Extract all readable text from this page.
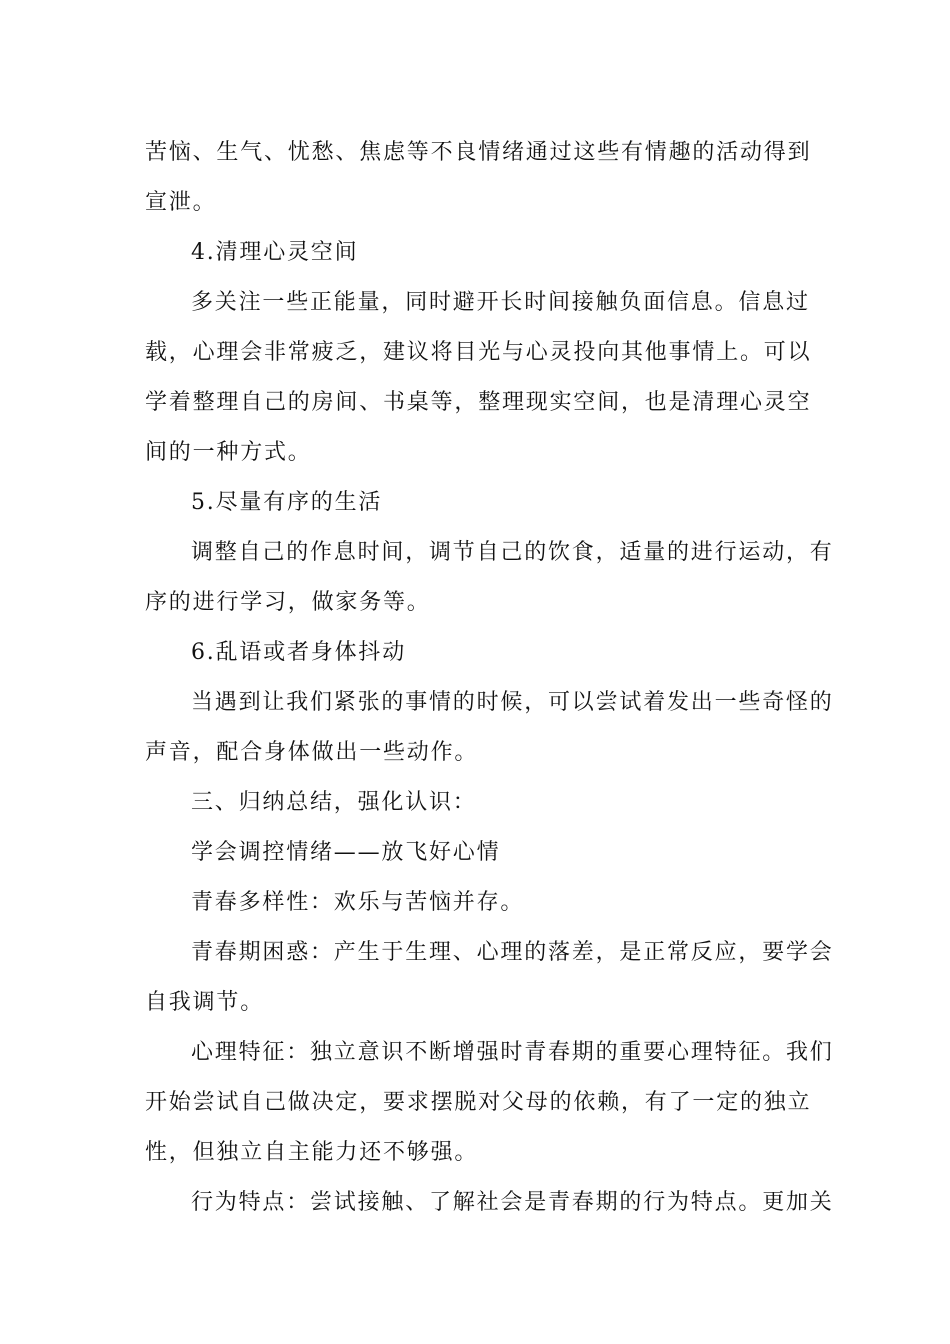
苦恼、生气、忧愁、焦虑等不良情绪通过这些有情趣的活动得到宣泄。

4.清理心灵空间

多关注一些正能量，同时避开长时间接触负面信息。信息过载，心理会非常疲乏，建议将目光与心灵投向其他事情上。可以学着整理自己的房间、书桌等，整理现实空间，也是清理心灵空间的一种方式。

5.尽量有序的生活

调整自己的作息时间，调节自己的饮食，适量的进行运动，有序的进行学习，做家务等。

6.乱语或者身体抖动

当遇到让我们紧张的事情的时候，可以尝试着发出一些奇怪的声音，配合身体做出一些动作。

三、归纳总结，强化认识：

学会调控情绪——放飞好心情

青春多样性：欢乐与苦恼并存。

青春期困惑：产生于生理、心理的落差，是正常反应，要学会自我调节。

心理特征：独立意识不断增强时青春期的重要心理特征。我们开始尝试自己做决定，要求摆脱对父母的依赖，有了一定的独立性，但独立自主能力还不够强。

行为特点：尝试接触、了解社会是青春期的行为特点。更加关
